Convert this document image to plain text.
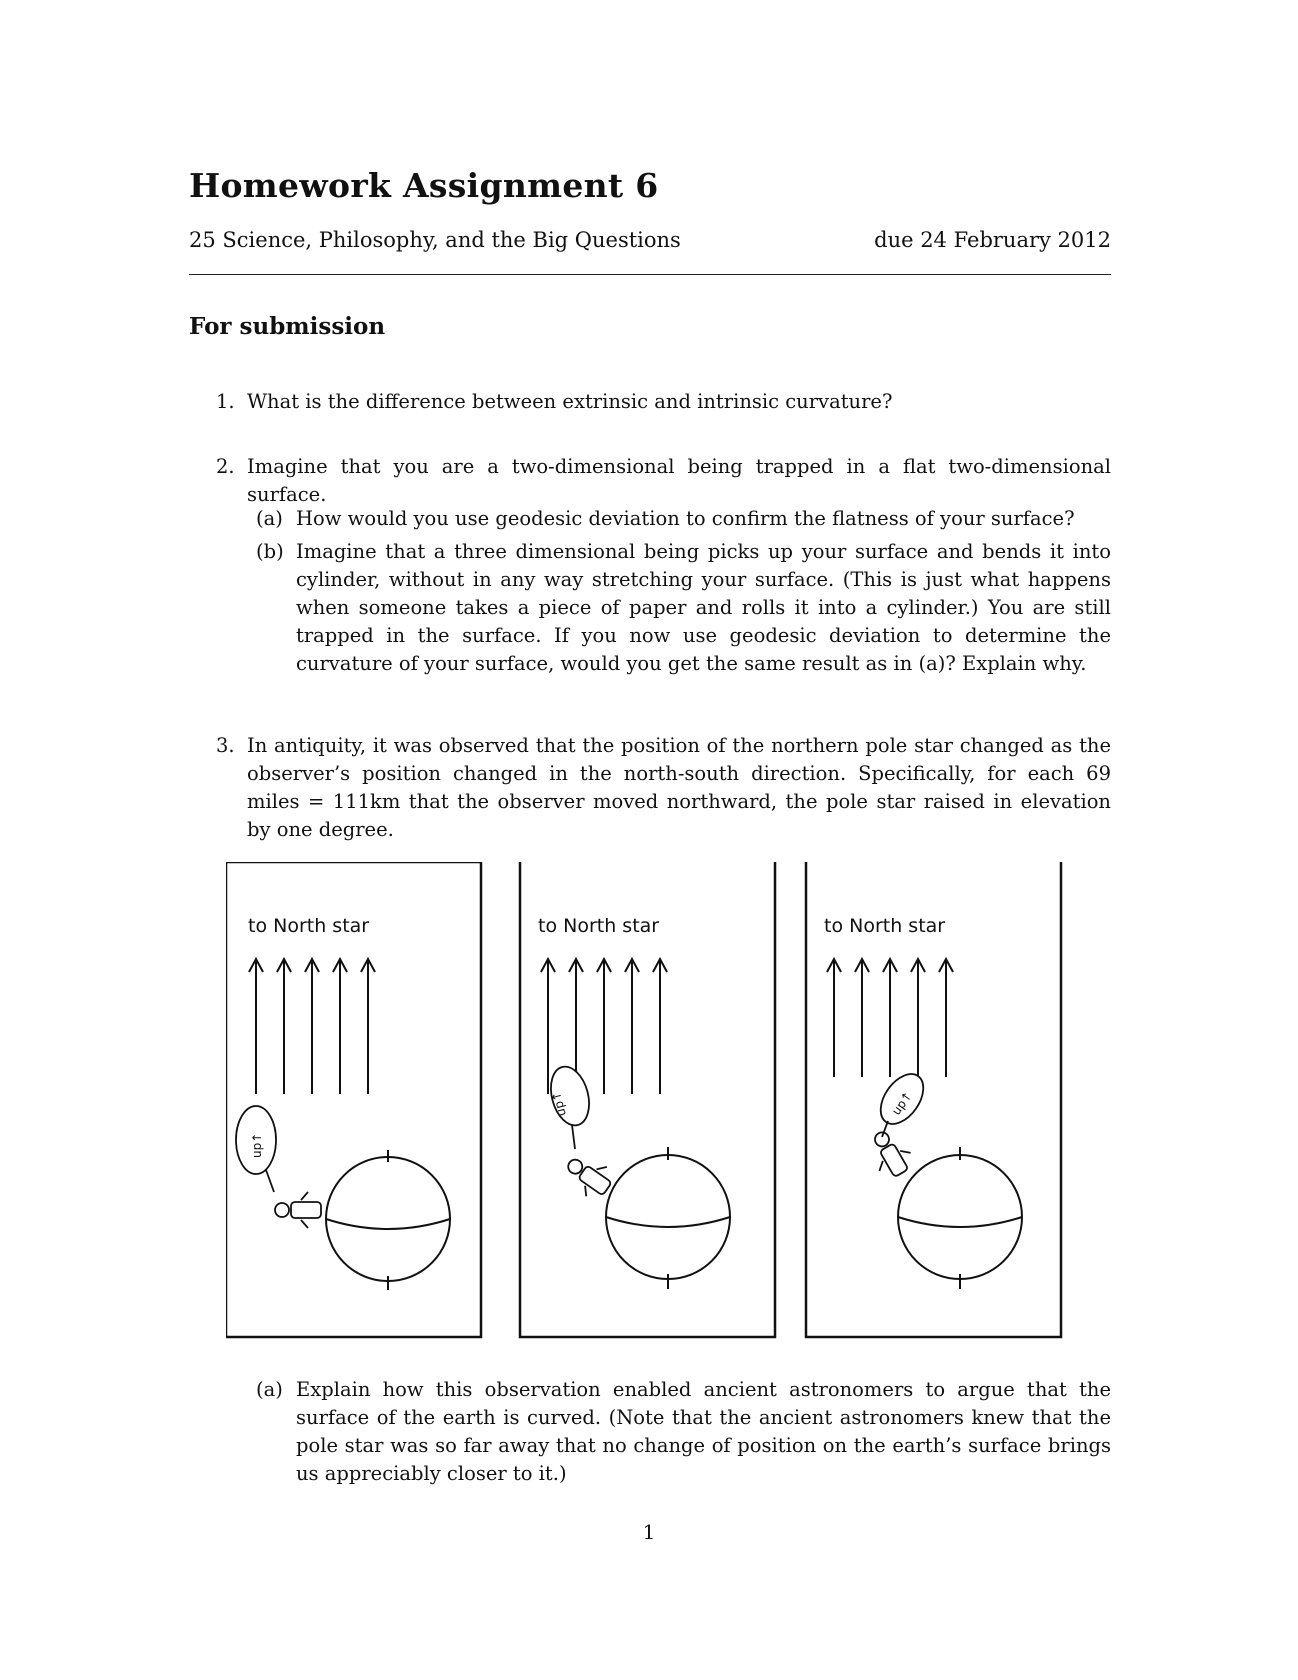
Homework Assignment 6
25 Science, Philosophy, and the Big Questions	due 24 February 2012
For submission
1. What is the difference between extrinsic and intrinsic curvature?
2. Imagine that you are a two-dimensional being trapped in a flat two-dimensional surface.
(a) How would you use geodesic deviation to confirm the flatness of your surface?
(b) Imagine that a three dimensional being picks up your surface and bends it into cylinder, without in any way stretching your surface. (This is just what happens when someone takes a piece of paper and rolls it into a cylinder.) You are still trapped in the surface. If you now use geodesic deviation to determine the curvature of your surface, would you get the same result as in (a)? Explain why.
3. In antiquity, it was observed that the position of the northern pole star changed as the observer’s position changed in the north-south direction. Specifically, for each 69 miles = 111km that the observer moved northward, the pole star raised in elevation by one degree.
to North star
up↑
to North star
up↑
to North star
up↑
(a) Explain how this observation enabled ancient astronomers to argue that the surface of the earth is curved. (Note that the ancient astronomers knew that the pole star was so far away that no change of position on the earth’s surface brings us appreciably closer to it.)
1
